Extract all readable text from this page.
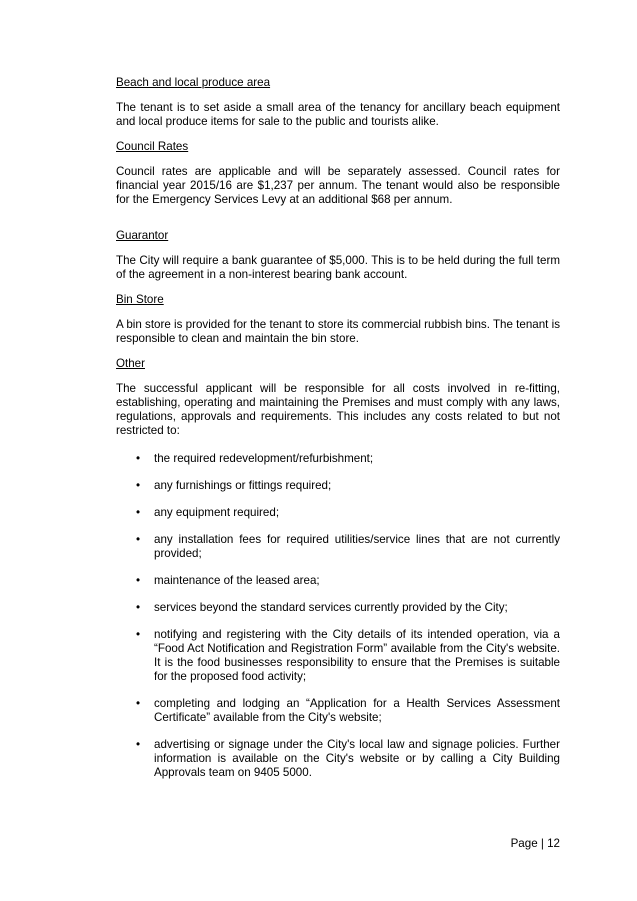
Beach and local produce area

The tenant is to set aside a small area of the tenancy for ancillary beach equipment and local produce items for sale to the public and tourists alike.

Council Rates

Council rates are applicable and will be separately assessed. Council rates for financial year 2015/16 are $1,237 per annum. The tenant would also be responsible for the Emergency Services Levy at an additional $68 per annum.

Guarantor

The City will require a bank guarantee of $5,000. This is to be held during the full term of the agreement in a non-interest bearing bank account.

Bin Store

A bin store is provided for the tenant to store its commercial rubbish bins. The tenant is responsible to clean and maintain the bin store.

Other

The successful applicant will be responsible for all costs involved in re-fitting, establishing, operating and maintaining the Premises and must comply with any laws, regulations, approvals and requirements. This includes any costs related to but not restricted to:

• the required redevelopment/refurbishment;
• any furnishings or fittings required;
• any equipment required;
• any installation fees for required utilities/service lines that are not currently provided;
• maintenance of the leased area;
• services beyond the standard services currently provided by the City;
• notifying and registering with the City details of its intended operation, via a “Food Act Notification and Registration Form” available from the City's website. It is the food businesses responsibility to ensure that the Premises is suitable for the proposed food activity;
• completing and lodging an “Application for a Health Services Assessment Certificate” available from the City's website;
• advertising or signage under the City's local law and signage policies. Further information is available on the City's website or by calling a City Building Approvals team on 9405 5000.
Page | 12
